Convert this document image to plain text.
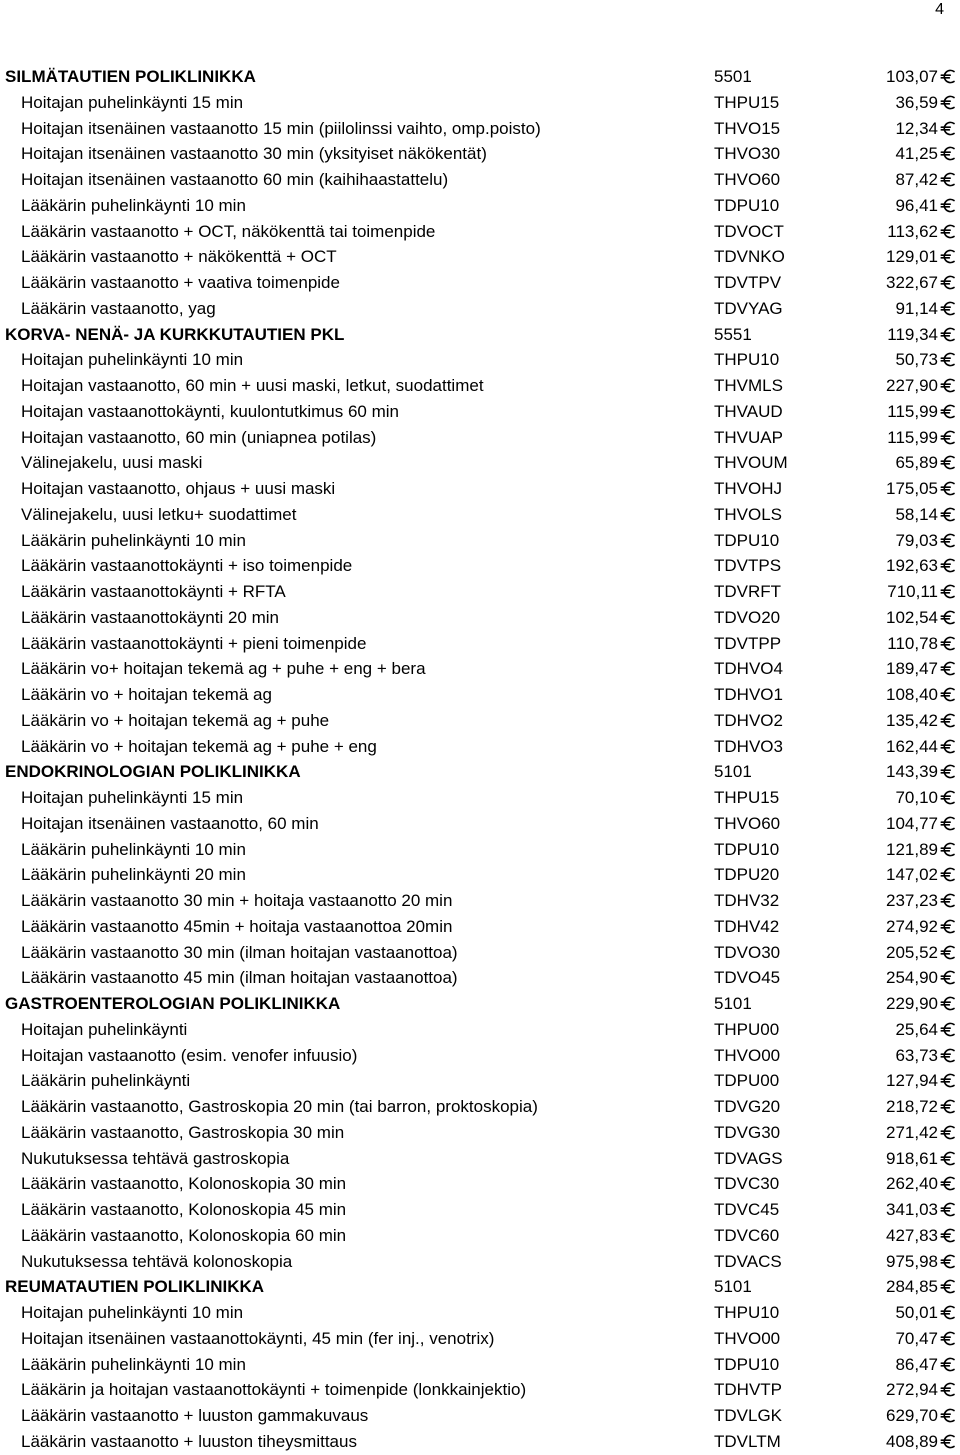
4
SILMÄTAUTIEN POLIKLINIKKA	5501	103,07
Hoitajan puhelinkäynti 15 min	THPU15	36,59
Hoitajan itsenäinen vastaanotto 15 min (piilolinssi vaihto, omp.poisto)	THVO15	12,34
Hoitajan itsenäinen vastaanotto 30 min (yksityiset näkökentät)	THVO30	41,25
Hoitajan itsenäinen vastaanotto 60 min (kaihihaastattelu)	THVO60	87,42
Lääkärin puhelinkäynti 10 min	TDPU10	96,41
Lääkärin vastaanotto + OCT, näkökenttä tai toimenpide	TDVOCT	113,62
Lääkärin vastaanotto + näkökenttä + OCT	TDVNKO	129,01
Lääkärin vastaanotto + vaativa toimenpide	TDVTPV	322,67
Lääkärin vastaanotto, yag	TDVYAG	91,14
KORVA- NENÄ- JA KURKKUTAUTIEN PKL	5551	119,34
Hoitajan puhelinkäynti 10 min	THPU10	50,73
Hoitajan vastaanotto, 60 min + uusi maski, letkut, suodattimet	THVMLS	227,90
Hoitajan vastaanottokäynti, kuulontutkimus 60 min	THVAUD	115,99
Hoitajan vastaanotto, 60 min (uniapnea potilas)	THVUAP	115,99
Välinejakelu, uusi maski	THVOUM	65,89
Hoitajan vastaanotto, ohjaus + uusi maski	THVOHJ	175,05
Välinejakelu, uusi letku+ suodattimet	THVOLS	58,14
Lääkärin puhelinkäynti 10 min	TDPU10	79,03
Lääkärin vastaanottokäynti + iso toimenpide	TDVTPS	192,63
Lääkärin vastaanottokäynti + RFTA	TDVRFT	710,11
Lääkärin vastaanottokäynti 20 min	TDVO20	102,54
Lääkärin vastaanottokäynti + pieni toimenpide	TDVTPP	110,78
Lääkärin vo+ hoitajan tekemä ag + puhe + eng + bera	TDHVO4	189,47
Lääkärin vo + hoitajan tekemä ag	TDHVO1	108,40
Lääkärin vo + hoitajan tekemä ag + puhe	TDHVO2	135,42
Lääkärin vo + hoitajan tekemä ag + puhe + eng	TDHVO3	162,44
ENDOKRINOLOGIAN POLIKLINIKKA	5101	143,39
Hoitajan puhelinkäynti 15 min	THPU15	70,10
Hoitajan itsenäinen vastaanotto, 60 min	THVO60	104,77
Lääkärin puhelinkäynti 10 min	TDPU10	121,89
Lääkärin puhelinkäynti 20 min	TDPU20	147,02
Lääkärin vastaanotto 30 min + hoitaja vastaanotto 20 min	TDHV32	237,23
Lääkärin vastaanotto 45min + hoitaja vastaanottoa 20min	TDHV42	274,92
Lääkärin vastaanotto 30 min (ilman hoitajan vastaanottoa)	TDVO30	205,52
Lääkärin vastaanotto 45 min (ilman hoitajan vastaanottoa)	TDVO45	254,90
GASTROENTEROLOGIAN POLIKLINIKKA	5101	229,90
Hoitajan puhelinkäynti	THPU00	25,64
Hoitajan vastaanotto (esim. venofer infuusio)	THVO00	63,73
Lääkärin puhelinkäynti	TDPU00	127,94
Lääkärin vastaanotto, Gastroskopia 20 min (tai barron, proktoskopia)	TDVG20	218,72
Lääkärin vastaanotto, Gastroskopia 30 min	TDVG30	271,42
Nukutuksessa tehtävä gastroskopia	TDVAGS	918,61
Lääkärin vastaanotto, Kolonoskopia 30 min	TDVC30	262,40
Lääkärin vastaanotto, Kolonoskopia 45 min	TDVC45	341,03
Lääkärin vastaanotto, Kolonoskopia 60 min	TDVC60	427,83
Nukutuksessa tehtävä kolonoskopia	TDVACS	975,98
REUMATAUTIEN POLIKLINIKKA	5101	284,85
Hoitajan puhelinkäynti 10 min	THPU10	50,01
Hoitajan itsenäinen vastaanottokäynti, 45 min (fer inj., venotrix)	THVO00	70,47
Lääkärin puhelinkäynti 10 min	TDPU10	86,47
Lääkärin ja hoitajan vastaanottokäynti + toimenpide (lonkkainjektio)	TDHVTP	272,94
Lääkärin vastaanotto + luuston gammakuvaus	TDVLGK	629,70
Lääkärin vastaanotto + luuston tiheysmittaus	TDVLTM	408,89
